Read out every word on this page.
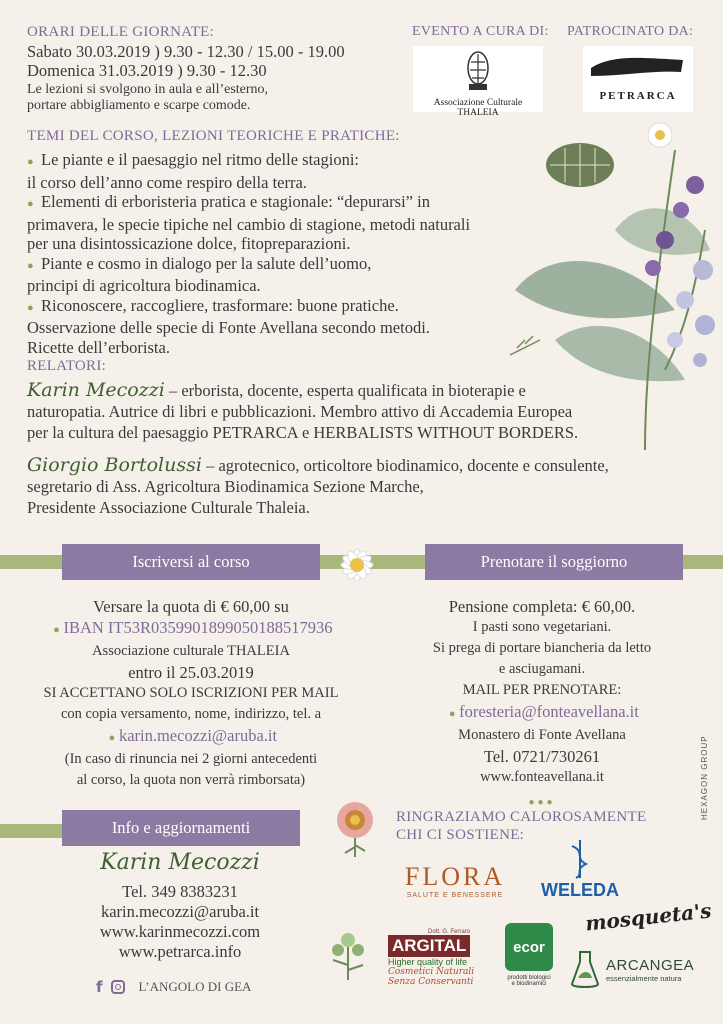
ORARI DELLE GIORNATE:
Sabato 30.03.2019 ) 9.30 - 12.30 / 15.00 - 19.00
Domenica 31.03.2019 ) 9.30 - 12.30
Le lezioni si svolgono in aula e all’esterno,
portare abbigliamento e scarpe comode.
EVENTO A CURA DI:
Associazione Culturale THALEIA
PATROCINATO DA:
PETRARCA
TEMI DEL CORSO, LEZIONI TEORICHE E PRATICHE:
● Le piante e il paesaggio nel ritmo delle stagioni:
il corso dell’anno come respiro della terra.
● Elementi di erboristeria pratica e stagionale: “depurarsi” in
primavera, le specie tipiche nel cambio di stagione, metodi naturali
per una disintossicazione dolce, fitopreparazioni.
● Piante e cosmo in dialogo per la salute dell’uomo,
principi di agricoltura biodinamica.
● Riconoscere, raccogliere, trasformare: buone pratiche.
Osservazione delle specie di Fonte Avellana secondo metodi.
Ricette dell’erborista.
RELATORI:
Karin Mecozzi – erborista, docente, esperta qualificata in bioterapie e
naturopatia. Autrice di libri e pubblicazioni. Membro attivo di Accademia Europea
per la cultura del paesaggio PETRARCA e HERBALISTS WITHOUT BORDERS.
Giorgio Bortolussi – agrotecnico, orticoltore biodinamico, docente e consulente,
segretario di Ass. Agricoltura Biodinamica Sezione Marche,
Presidente Associazione Culturale Thaleia.
Iscriversi al corso	Prenotare il soggiorno
Versare la quota di € 60,00 su
● IBAN IT53R0359901899050188517936
Associazione culturale THALEIA
entro il 25.03.2019
SI ACCETTANO SOLO ISCRIZIONI PER MAIL
con copia versamento, nome, indirizzo, tel. a
● karin.mecozzi@aruba.it
(In caso di rinuncia nei 2 giorni antecedenti
al corso, la quota non verrà rimborsata)
Pensione completa: € 60,00.
I pasti sono vegetariani.
Si prega di portare biancheria da letto
e asciugamani.
MAIL PER PRENOTARE:
● foresteria@fonteavellana.it
Monastero di Fonte Avellana
Tel. 0721/730261
www.fonteavellana.it
●●●	HEXAGON GROUP
Info e aggiornamenti
Karin Mecozzi
Tel. 349 8383231
karin.mecozzi@aruba.it
www.karinmecozzi.com
www.petrarca.info
f	L’ANGOLO DI GEA
RINGRAZIAMO CALOROSAMENTE
CHI CI SOSTIENE:
FLORA
SALUTE E BENESSERE WELEDA
Dott. G. Ferraro
ARGITAL
Higher quality of life
Cosmetici Naturali
Senza Conservanti
ecor
prodotti biologici
e biodinamici
mosqueta's
ARCANGEA
essenzialmente natura
